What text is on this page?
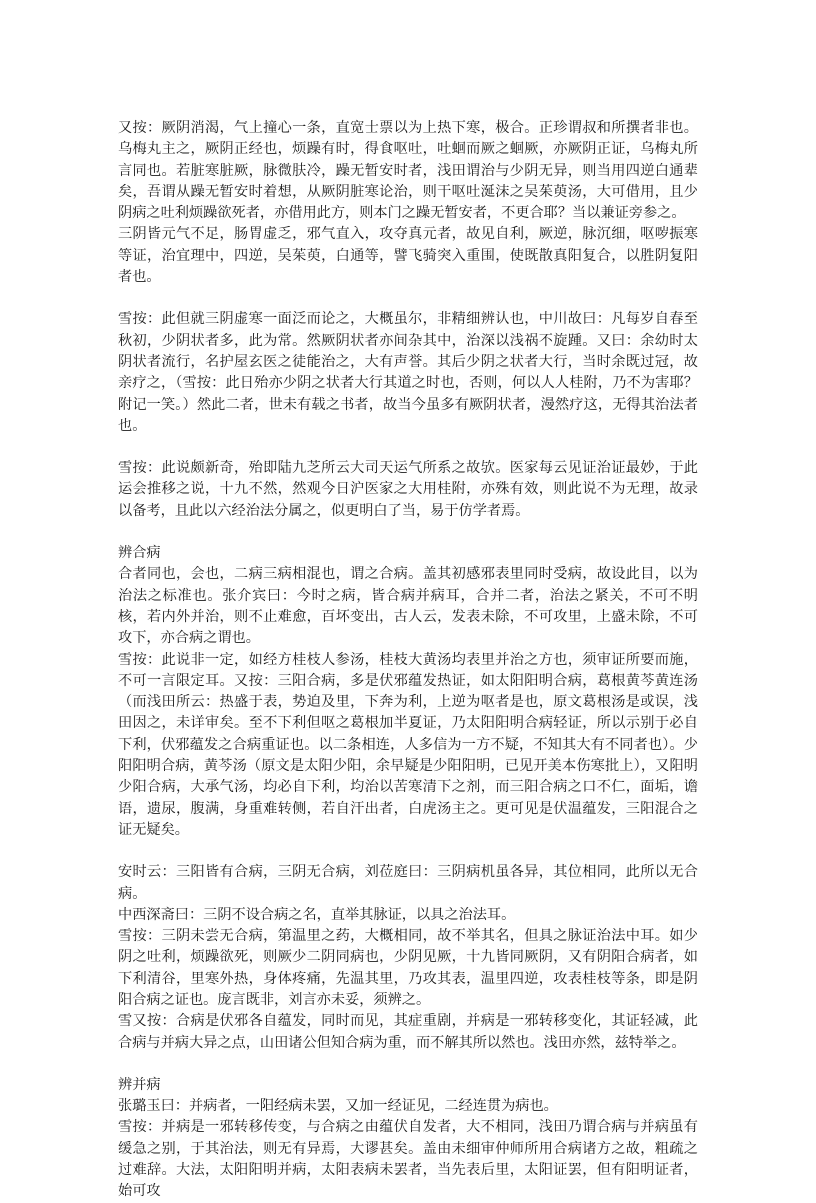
又按：厥阴消渴，气上撞心一条，直宽士票以为上热下寒，极合。正珍谓叔和所撰者非也。乌梅丸主之，厥阴正经也，烦躁有时，得食呕吐，吐蛔而厥之蛔厥，亦厥阴正证，乌梅丸所言同也。若脏寒脏厥，脉微肤冷，躁无暂安时者，浅田谓治与少阴无异，则当用四逆白通辈矣，吾谓从躁无暂安时着想，从厥阴脏寒论治，则干呕吐涎沫之吴茱萸汤，大可借用，且少阴病之吐利烦躁欲死者，亦借用此方，则本门之躁无暂安者，不更合耶？当以兼证旁参之。

三阴皆元气不足，肠胃虚乏，邪气直入，攻夺真元者，故见自利，厥逆，脉沉细，呕哕振寒等证，治宜理中，四逆，吴茱萸，白通等，譬飞骑突入重围，使既散真阳复合，以胜阴复阳者也。

雪按：此但就三阴虚寒一面泛而论之，大概虽尔，非精细辨认也，中川故曰：凡每岁自春至秋初，少阴状者多，此为常。然厥阴状者亦间杂其中，治深以浅祸不旋踵。又曰：余幼时太阴状者流行，名护屋玄医之徒能治之，大有声誉。其后少阴之状者大行，当时余既过冠，故亲疗之，（雪按：此日殆亦少阴之状者大行其道之时也，否则，何以人人桂附，乃不为害耶？附记一笑。）然此二者，世未有载之书者，故当今虽多有厥阴状者，漫然疗这，无得其治法者也。

雪按：此说颇新奇，殆即陆九芝所云大司天运气所系之故欤。医家每云见证治证最妙，于此运会推移之说，十九不然，然观今日沪医家之大用桂附，亦殊有效，则此说不为无理，故录以备考，且此以六经治法分属之，似更明白了当，易于仿学者焉。

辨合病

合者同也，会也，二病三病相混也，谓之合病。盖其初感邪表里同时受病，故设此目，以为治法之标准也。张介宾曰：今时之病，皆合病并病耳，合并二者，治法之紧关，不可不明核，若内外并治，则不止难愈，百坏变出，古人云，发表未除，不可攻里，上盛未除，不可攻下，亦合病之谓也。

雪按：此说非一定，如经方桂枝人参汤，桂枝大黄汤均表里并治之方也，须审证所要而施，不可一言限定耳。又按：三阳合病，多是伏邪蕴发热证，如太阳阳明合病，葛根黄芩黄连汤（而浅田所云：热盛于表，势迫及里，下奔为利，上逆为呕者是也，原文葛根汤是或误，浅田因之，未详审矣。至不下利但呕之葛根加半夏证，乃太阳阳明合病轻证，所以示别于必自下利，伏邪蕴发之合病重证也。以二条相连，人多信为一方不疑，不知其大有不同者也）。少阳阳明合病，黄芩汤（原文是太阳少阳，余早疑是少阳阳明，已见开美本伤寒批上），又阳明少阳合病，大承气汤，均必自下利，均治以苦寒清下之剂，而三阳合病之口不仁，面垢，谵语，遗尿，腹满，身重难转侧，若自汗出者，白虎汤主之。更可见是伏温蕴发，三阳混合之证无疑矣。

安时云：三阳皆有合病，三阴无合病，刘莅庭曰：三阴病机虽各异，其位相同，此所以无合病。

中西深斋曰：三阴不设合病之名，直举其脉证，以具之治法耳。

雪按：三阴未尝无合病，第温里之药，大概相同，故不举其名，但具之脉证治法中耳。如少阴之吐利，烦躁欲死，则厥少二阴同病也，少阴见厥，十九皆同厥阴，又有阴阳合病者，如下利清谷，里寒外热，身体疼痛，先温其里，乃攻其表，温里四逆，攻表桂枝等条，即是阴阳合病之证也。庞言既非，刘言亦未妥，须辨之。

雪又按：合病是伏邪各自蕴发，同时而见，其症重剧，并病是一邪转移变化，其证轻减，此合病与并病大异之点，山田诸公但知合病为重，而不解其所以然也。浅田亦然，兹特举之。

辨并病

张璐玉曰：并病者，一阳经病未罢，又加一经证见，二经连贯为病也。

雪按：并病是一邪转移传变，与合病之由蕴伏自发者，大不相同，浅田乃谓合病与并病虽有缓急之别，于其治法，则无有异焉，大谬甚矣。盖由未细审仲师所用合病诸方之故，粗疏之过难辞。大法，太阳阳明并病，太阳表病未罢者，当先表后里，太阳证罢，但有阳明证者，始可攻
